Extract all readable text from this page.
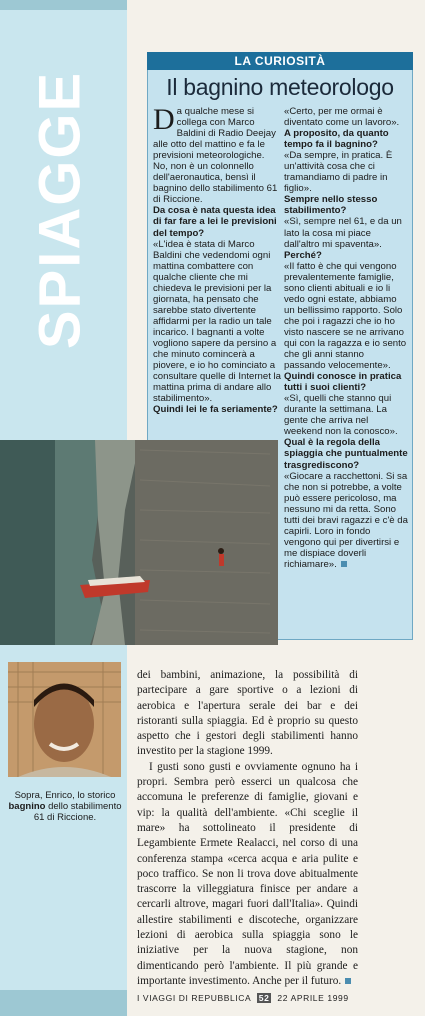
SPIAGGE
LA CURIOSITÀ
Il bagnino meteorologo

Da qualche mese si collega con Marco Baldini di Radio Deejay alle otto del mattino e fa le previsioni meteorologiche. No, non è un colonnello dell'aeronautica, bensì il bagnino dello stabilimento 61 di Riccione.

Da cosa è nata questa idea di far fare a lei le previsioni del tempo?

«L'idea è stata di Marco Baldini che vedendomi ogni mattina combattere con qualche cliente che mi chiedeva le previsioni per la giornata, ha pensato che sarebbe stato divertente affidarmi per la radio un tale incarico. I bagnanti a volte vogliono sapere da persino a che minuto comincerà a piovere, e io ho cominciato a consultare quelle di Internet la mattina prima di andare allo stabilimento».

Quindi lei le fa seriamente?

«Certo, per me ormai è diventato come un lavoro».

A proposito, da quanto tempo fa il bagnino?

«Da sempre, in pratica. È un'attività cosa che ci tramandiamo di padre in figlio».

Sempre nello stesso stabilimento?

«Sì, sempre nel 61, e da un lato la cosa mi piace dall'altro mi spaventa».

Perché?

«Il fatto è che qui vengono prevalentemente famiglie, sono clienti abituali e io li vedo ogni estate, abbiamo un bellissimo rapporto. Solo che poi i ragazzi che io ho visto nascere se ne arrivano qui con la ragazza e io sento che gli anni stanno passando velocemente».

Quindi conosce in pratica tutti i suoi clienti?

«Sì, quelli che stanno qui durante la settimana. La gente che arriva nel weekend non la conosco».

Qual è la regola della spiaggia che puntualmente trasgrediscono?

«Giocare a racchettoni. Si sa che non si potrebbe, a volte può essere pericoloso, ma nessuno mi da retta. Sono tutti dei bravi ragazzi e c'è da capirli. Loro in fondo vengono qui per divertirsi e me dispiace doverli richiamare».

Sopra, Enrico, lo storico bagnino dello stabilimento 61 di Riccione.

dei bambini, animazione, la possibilità di partecipare a gare sportive o a lezioni di aerobica e l'apertura serale dei bar e dei ristoranti sulla spiaggia. Ed è proprio su questo aspetto che i gestori degli stabilimenti hanno investito per la stagione 1999.

I gusti sono gusti e ovviamente ognuno ha i propri. Sembra però esserci un qualcosa che accomuna le preferenze di famiglie, giovani e vip: la qualità dell'ambiente. «Chi sceglie il mare» ha sottolineato il presidente di Legambiente Ermete Realacci, nel corso di una conferenza stampa «cerca acqua e aria pulite e poco traffico. Se non li trova dove abitualmente trascorre la villeggiatura finisce per andare a cercarli altrove, magari fuori dall'Italia». Quindi allestire stabilimenti e discoteche, organizzare lezioni di aerobica sulla spiaggia sono le iniziative per la nuova stagione, non dimenticando però l'ambiente. Il più grande e importante investimento. Anche per il futuro.

I VIAGGI DI REPUBBLICA 52 22 APRILE 1999
